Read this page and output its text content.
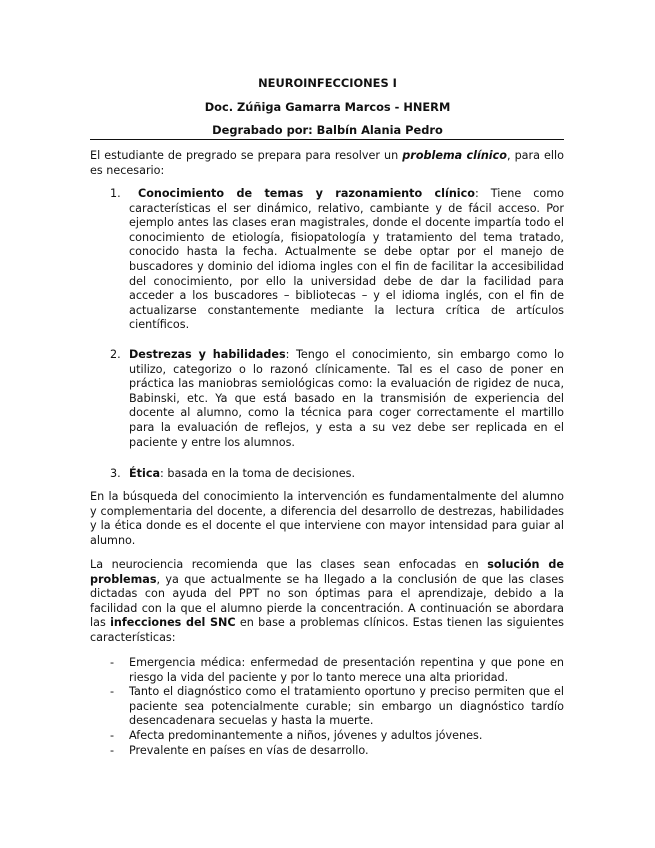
NEUROINFECCIONES I
Doc. Zúñiga Gamarra Marcos - HNERM
Degrabado por: Balbín Alania Pedro

El estudiante de pregrado se prepara para resolver un problema clínico, para ello es necesario:

1.	Conocimiento de temas y razonamiento clínico: Tiene como características el ser dinámico, relativo, cambiante y de fácil acceso. Por ejemplo antes las clases eran magistrales, donde el docente impartía todo el conocimiento de etiología, fisiopatología y tratamiento del tema tratado, conocido hasta la fecha. Actualmente se debe optar por el manejo de buscadores y dominio del idioma ingles con el fin de facilitar la accesibilidad del conocimiento, por ello la universidad debe de dar la facilidad para acceder a los buscadores – bibliotecas – y el idioma inglés, con el fin de actualizarse constantemente mediante la lectura crítica de artículos científicos.

2. Destrezas y habilidades: Tengo el conocimiento, sin embargo como lo utilizo, categorizo o lo razonó clínicamente. Tal es el caso de poner en práctica las maniobras semiológicas como: la evaluación de rigidez de nuca, Babinski, etc. Ya que está basado en la transmisión de experiencia del docente al alumno, como la técnica para coger correctamente el martillo para la evaluación de reflejos, y esta a su vez debe ser replicada en el paciente y entre los alumnos.

3. Ética: basada en la toma de decisiones.

En la búsqueda del conocimiento la intervención es fundamentalmente del alumno y complementaria del docente, a diferencia del desarrollo de destrezas, habilidades y la ética donde es el docente el que interviene con mayor intensidad para guiar al alumno.

La neurociencia recomienda que las clases sean enfocadas en solución de problemas, ya que actualmente se ha llegado a la conclusión de que las clases dictadas con ayuda del PPT no son óptimas para el aprendizaje, debido a la facilidad con la que el alumno pierde la concentración. A continuación se abordara las infecciones del SNC en base a problemas clínicos. Estas tienen las siguientes características:

- Emergencia médica: enfermedad de presentación repentina y que pone en riesgo la vida del paciente y por lo tanto merece una alta prioridad.

- Tanto el diagnóstico como el tratamiento oportuno y preciso permiten que el paciente sea potencialmente curable; sin embargo un diagnóstico tardío desencadenara secuelas y hasta la muerte.

- Afecta predominantemente a niños, jóvenes y adultos jóvenes.

- Prevalente en países en vías de desarrollo.
